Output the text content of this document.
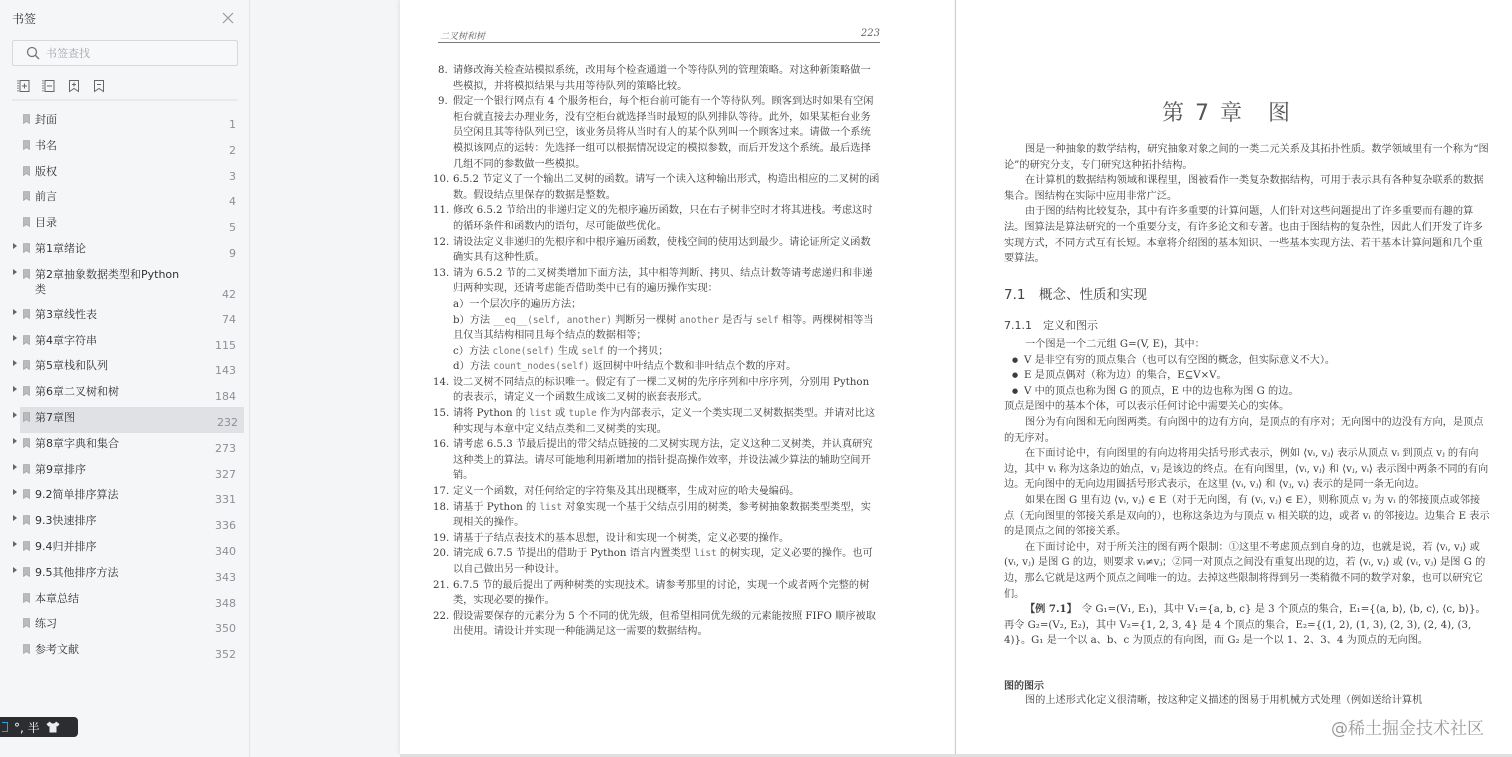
书签
书签查找
封面	1
书名	2
版权	3
前言	4
目录	5
第1章绪论	9
第2章抽象数据类型和Python类	42
第3章线性表	74
第4章字符串	115
第5章栈和队列	143
第6章二叉树和树	184
第7章图	232
第8章字典和集合	273
第9章排序	327
9.2简单排序算法	331
9.3快速排序	336
9.4归并排序	340
9.5其他排序方法	343
本章总结	348
练习	350
参考文献	352
°, 半
二叉树和树	223
8. 请修改海关检查站模拟系统，改用每个检查通道一个等待队列的管理策略。对这种新策略做一些模拟，并将模拟结果与共用等待队列的策略比较。
9. 假定一个银行网点有 4 个服务柜台，每个柜台前可能有一个等待队列。顾客到达时如果有空闲柜台就直接去办理业务，没有空柜台就选择当时最短的队列排队等待。此外，如果某柜台业务员空闲且其等待队列已空，该业务员将从当时有人的某个队列叫一个顾客过来。请做一个系统模拟该网点的运转：先选择一组可以根据情况设定的模拟参数，而后开发这个系统。最后选择几组不同的参数做一些模拟。
10. 6.5.2 节定义了一个输出二叉树的函数。请写一个读入这种输出形式，构造出相应的二叉树的函数。假设结点里保存的数据是整数。
11. 修改 6.5.2 节给出的非递归定义的先根序遍历函数，只在右子树非空时才将其进栈。考虑这时的循环条件和函数内的语句，尽可能做些优化。
12. 请设法定义非递归的先根序和中根序遍历函数，使栈空间的使用达到最少。请论证所定义函数确实具有这种性质。
13. 请为 6.5.2 节的二叉树类增加下面方法，其中相等判断、拷贝、结点计数等请考虑递归和非递归两种实现，还请考虑能否借助类中已有的遍历操作实现：
a）一个层次序的遍历方法；
b）方法 __eq__(self, another) 判断另一棵树 another 是否与 self 相等。两棵树相等当且仅当其结构相同且每个结点的数据相等；
c）方法 clone(self) 生成 self 的一个拷贝；
d）方法 count_nodes(self) 返回树中叶结点个数和非叶结点个数的序对。
14. 设二叉树不同结点的标识唯一。假定有了一棵二叉树的先序序列和中序序列，分别用 Python 的表表示，请定义一个函数生成该二叉树的嵌套表形式。
15. 请将 Python 的 list 或 tuple 作为内部表示，定义一个类实现二叉树数据类型。并请对比这种实现与本章中定义结点类和二叉树类的实现。
16. 请考虑 6.5.3 节最后提出的带父结点链接的二叉树实现方法，定义这种二叉树类，并认真研究这种类上的算法。请尽可能地利用新增加的指针提高操作效率，并设法减少算法的辅助空间开销。
17. 定义一个函数，对任何给定的字符集及其出现概率，生成对应的哈夫曼编码。
18. 请基于 Python 的 list 对象实现一个基于父结点引用的树类，参考树抽象数据类型类型，实现相关的操作。
19. 请基于子结点表技术的基本思想，设计和实现一个树类，定义必要的操作。
20. 请完成 6.7.5 节提出的借助于 Python 语言内置类型 list 的树实现，定义必要的操作。也可以自己做出另一种设计。
21. 6.7.5 节的最后提出了两种树类的实现技术。请参考那里的讨论，实现一个或者两个完整的树类，实现必要的操作。
22. 假设需要保存的元素分为 5 个不同的优先级，但希望相同优先级的元素能按照 FIFO 顺序被取出使用。请设计并实现一种能满足这一需要的数据结构。
第 7 章　图

图是一种抽象的数学结构，研究抽象对象之间的一类二元关系及其拓扑性质。数学领域里有一个称为“图论”的研究分支，专门研究这种拓扑结构。

在计算机的数据结构领域和课程里，图被看作一类复杂数据结构，可用于表示具有各种复杂联系的数据集合。图结构在实际中应用非常广泛。

由于图的结构比较复杂，其中有许多重要的计算问题，人们针对这些问题提出了许多重要而有趣的算法。图算法是算法研究的一个重要分支，有许多论文和专著。也由于图结构的复杂性，因此人们开发了许多实现方式，不同方式互有长短。本章将介绍图的基本知识、一些基本实现方法、若干基本计算问题和几个重要算法。

7.1　概念、性质和实现
7.1.1　定义和图示

一个图是一个二元组 G=(V, E)，其中：

● V 是非空有穷的顶点集合（也可以有空图的概念，但实际意义不大）。
● E 是顶点偶对（称为边）的集合，E⊆V×V。
● V 中的顶点也称为图 G 的顶点，E 中的边也称为图 G 的边。

顶点是图中的基本个体，可以表示任何讨论中需要关心的实体。

图分为有向图和无向图两类。有向图中的边有方向，是顶点的有序对；无向图中的边没有方向，是顶点的无序对。

在下面讨论中，有向图里的有向边将用尖括号形式表示，例如 ⟨vᵢ, vⱼ⟩ 表示从顶点 vᵢ 到顶点 vⱼ 的有向边，其中 vᵢ 称为这条边的始点，vⱼ 是该边的终点。在有向图里，⟨vᵢ, vⱼ⟩ 和 ⟨vⱼ, vᵢ⟩ 表示图中两条不同的有向边。无向图中的无向边用圆括号形式表示，在这里 ⟨vᵢ, vⱼ⟩ 和 ⟨vⱼ, vᵢ⟩ 表示的是同一条无向边。

如果在图 G 里有边 ⟨vᵢ, vⱼ⟩ ∈ E（对于无向图，有 (vᵢ, vⱼ) ∈ E），则称顶点 vⱼ 为 vᵢ 的邻接顶点或邻接点（无向图里的邻接关系是双向的），也称这条边为与顶点 vᵢ 相关联的边，或者 vᵢ 的邻接边。边集合 E 表示的是顶点之间的邻接关系。

在下面讨论中，对于所关注的图有两个限制：①这里不考虑顶点到自身的边，也就是说，若 ⟨vᵢ, vⱼ⟩ 或 (vᵢ, vⱼ) 是图 G 的边，则要求 vᵢ≠vⱼ；②同一对顶点之间没有重复出现的边，若 ⟨vᵢ, vⱼ⟩ 或 (vᵢ, vⱼ) 是图 G 的边，那么它就是这两个顶点之间唯一的边。去掉这些限制将得到另一类稍微不同的数学对象，也可以研究它们。

【例 7.1】　令 G₁=(V₁, E₁)，其中 V₁={a, b, c} 是 3 个顶点的集合，E₁={⟨a, b⟩, ⟨b, c⟩, ⟨c, b⟩}。再令 G₂=(V₂, E₂)，其中 V₂={1, 2, 3, 4} 是 4 个顶点的集合，E₂={(1, 2), (1, 3), (2, 3), (2, 4), (3, 4)}。G₁ 是一个以 a、b、c 为顶点的有向图，而 G₂ 是一个以 1、2、3、4 为顶点的无向图。

图的图示

图的上述形式化定义很清晰，按这种定义描述的图易于用机械方式处理（例如送给计算机

@稀土掘金技术社区
